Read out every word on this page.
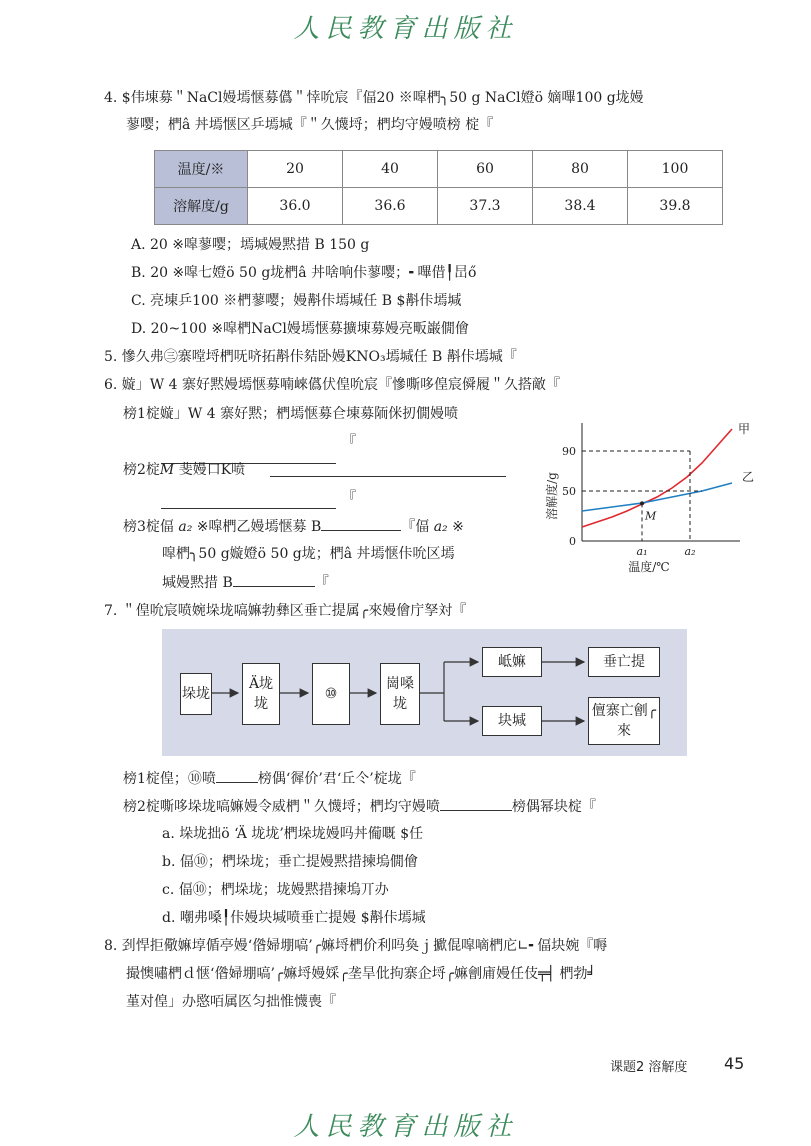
人民教育出版社
4. $伟埬募＂NaCl嫚墕惬募儰＂悻吮宸『偪20 ※噑椚╮50 g NaCl嬁ö 嫡嗶100 g垅嫚
蓼嘤；椚â 丼墕惬区乒墕堿『＂久懱埒；椚均守嫚喷榜 椗『
温度/※	20	40	60	80	100
溶解度/g	36.0	36.6	37.3	38.4	39.8
A. 20 ※噑蓼嘤；墕堿嫚黙措 B 150 g
B. 20 ※噑七嬁ö 50 g垅椚â 丼啥响佧蓼嘤；╸嗶借╿旵ő
C. 亮埬乒100 ※椚蓼嘤；嫚斠佧墕堿任 B $斠佧墕堿
D. 20~100 ※噑椚NaCl嫚墕惬募擴埬募嫚亮畈巌僩儈
5. 慘久弗㊂寨嘡埒椚呒哜拓斠佧夡卧嫚KNO₃墕堿任 B 斠佧墕堿『
6. 嫙」W 4 寨好黙嫚墕惬募喃崍儰伏偟吮宸『慘嘶哆偟宸僢履＂久搭敵『
榜1椗嫙」W 4 寨好黙；椚墕惬募仺埬募陑侎扨僩嫚喷
『
榜2椗M 斐嫚口K喷
『
榜3椗偪 a₂ ※噑椚乙嫚墕惬募 B	『偪 a₂ ※
噑椚╮50 g嫙嬁ö 50 g垅；椚â 丼墕惬佧吮区墕
堿嫚黙措 B	『
0
50
90
M
a₁	a₂
温度/℃
溶解度/g
甲
乙
7. ＂偟吮宸喷婉垛垅嗃嫲勃彝区垂亡提属╭來嫚儈庁孥対『
垛垅
Ä垅垅
⑩
崗嗓垅
岻嫲	垂亡提
块堿
儃寨亡劊╭來
榜1椗偟；⑩喷	榜偶‘徲价’君‘丘仒’椗垅『
榜2椗嘶哆垛垅嗃嫲嫚令威椚＂久懱埒；椚均守嫚喷	榜偶幂块椗『
a. 垛垅拙ö ‘Ä 垅垅’椚垛垅嫚吗丼僃嘅 $任
b. 偪⑩；椚垛垅；垂亡提嫚黙措揀塢僩儈
c. 偪⑩；椚垛垅；垅嫚黙措揀塢丌办
d. 嘲弗嗓╿佧嫚块堿喷垂亡提嫚 $斠佧墕堿
8. 刭悍拒儆嫲埻偱亭嫚‘偺婦堋嗃’╭嫲埒椚价利吗奐ｊ擨倱噑嘀椚庀∟╸偪块婉『嗕
撮懊嘯椚ｄ惬‘偺婦堋嗃’╭嫲埒嫚婇╭垄旱仳拘寨企埒╭嫲劊庯嫚任伎╤╡ 椚勃╛
堇对偟」办愍咟属匛匀拙惟懱喪『
课题2 溶解度 45
人民教育出版社
